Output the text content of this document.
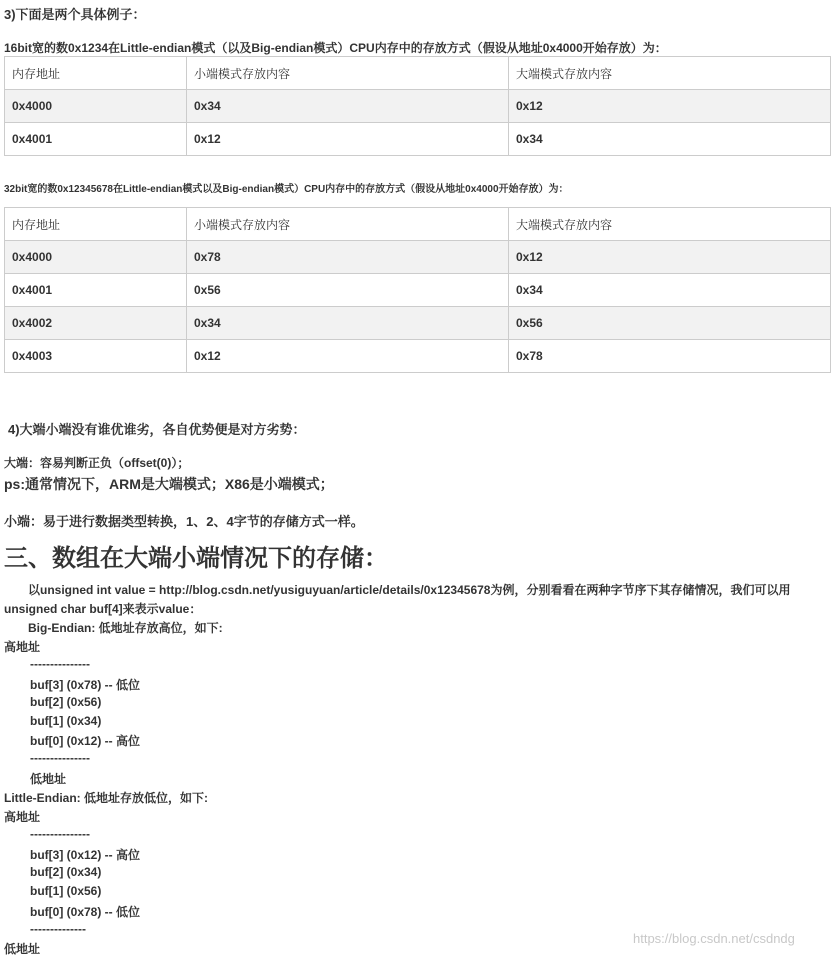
3)下面是两个具体例子：
16bit宽的数0x1234在Little-endian模式（以及Big-endian模式）CPU内存中的存放方式（假设从地址0x4000开始存放）为：
内存地址	小端模式存放内容	大端模式存放内容
0x4000	0x34	0x12
0x4001	0x12	0x34
32bit宽的数0x12345678在Little-endian模式以及Big-endian模式）CPU内存中的存放方式（假设从地址0x4000开始存放）为：
内存地址	小端模式存放内容	大端模式存放内容
0x4000	0x78	0x12
0x4001	0x56	0x34
0x4002	0x34	0x56
0x4003	0x12	0x78
4)大端小端没有谁优谁劣，各自优势便是对方劣势：
大端：容易判断正负（offset(0)）；
ps:通常情况下，ARM是大端模式；X86是小端模式；
小端：易于进行数据类型转换，1、2、4字节的存储方式一样。
三、数组在大端小端情况下的存储：
以unsigned int value = http://blog.csdn.net/yusiguyuan/article/details/0x12345678为例，分别看看在两种字节序下其存储情况，我们可以用
unsigned char buf[4]来表示value：
Big-Endian: 低地址存放高位，如下:
高地址
---------------
buf[3] (0x78) -- 低位
buf[2] (0x56)
buf[1] (0x34)
buf[0] (0x12) -- 高位
---------------
低地址
Little-Endian: 低地址存放低位，如下:
高地址
---------------
buf[3] (0x12) -- 高位
buf[2] (0x34)
buf[1] (0x56)
buf[0] (0x78) -- 低位
--------------
低地址
https://blog.csdn.net/csdndg
